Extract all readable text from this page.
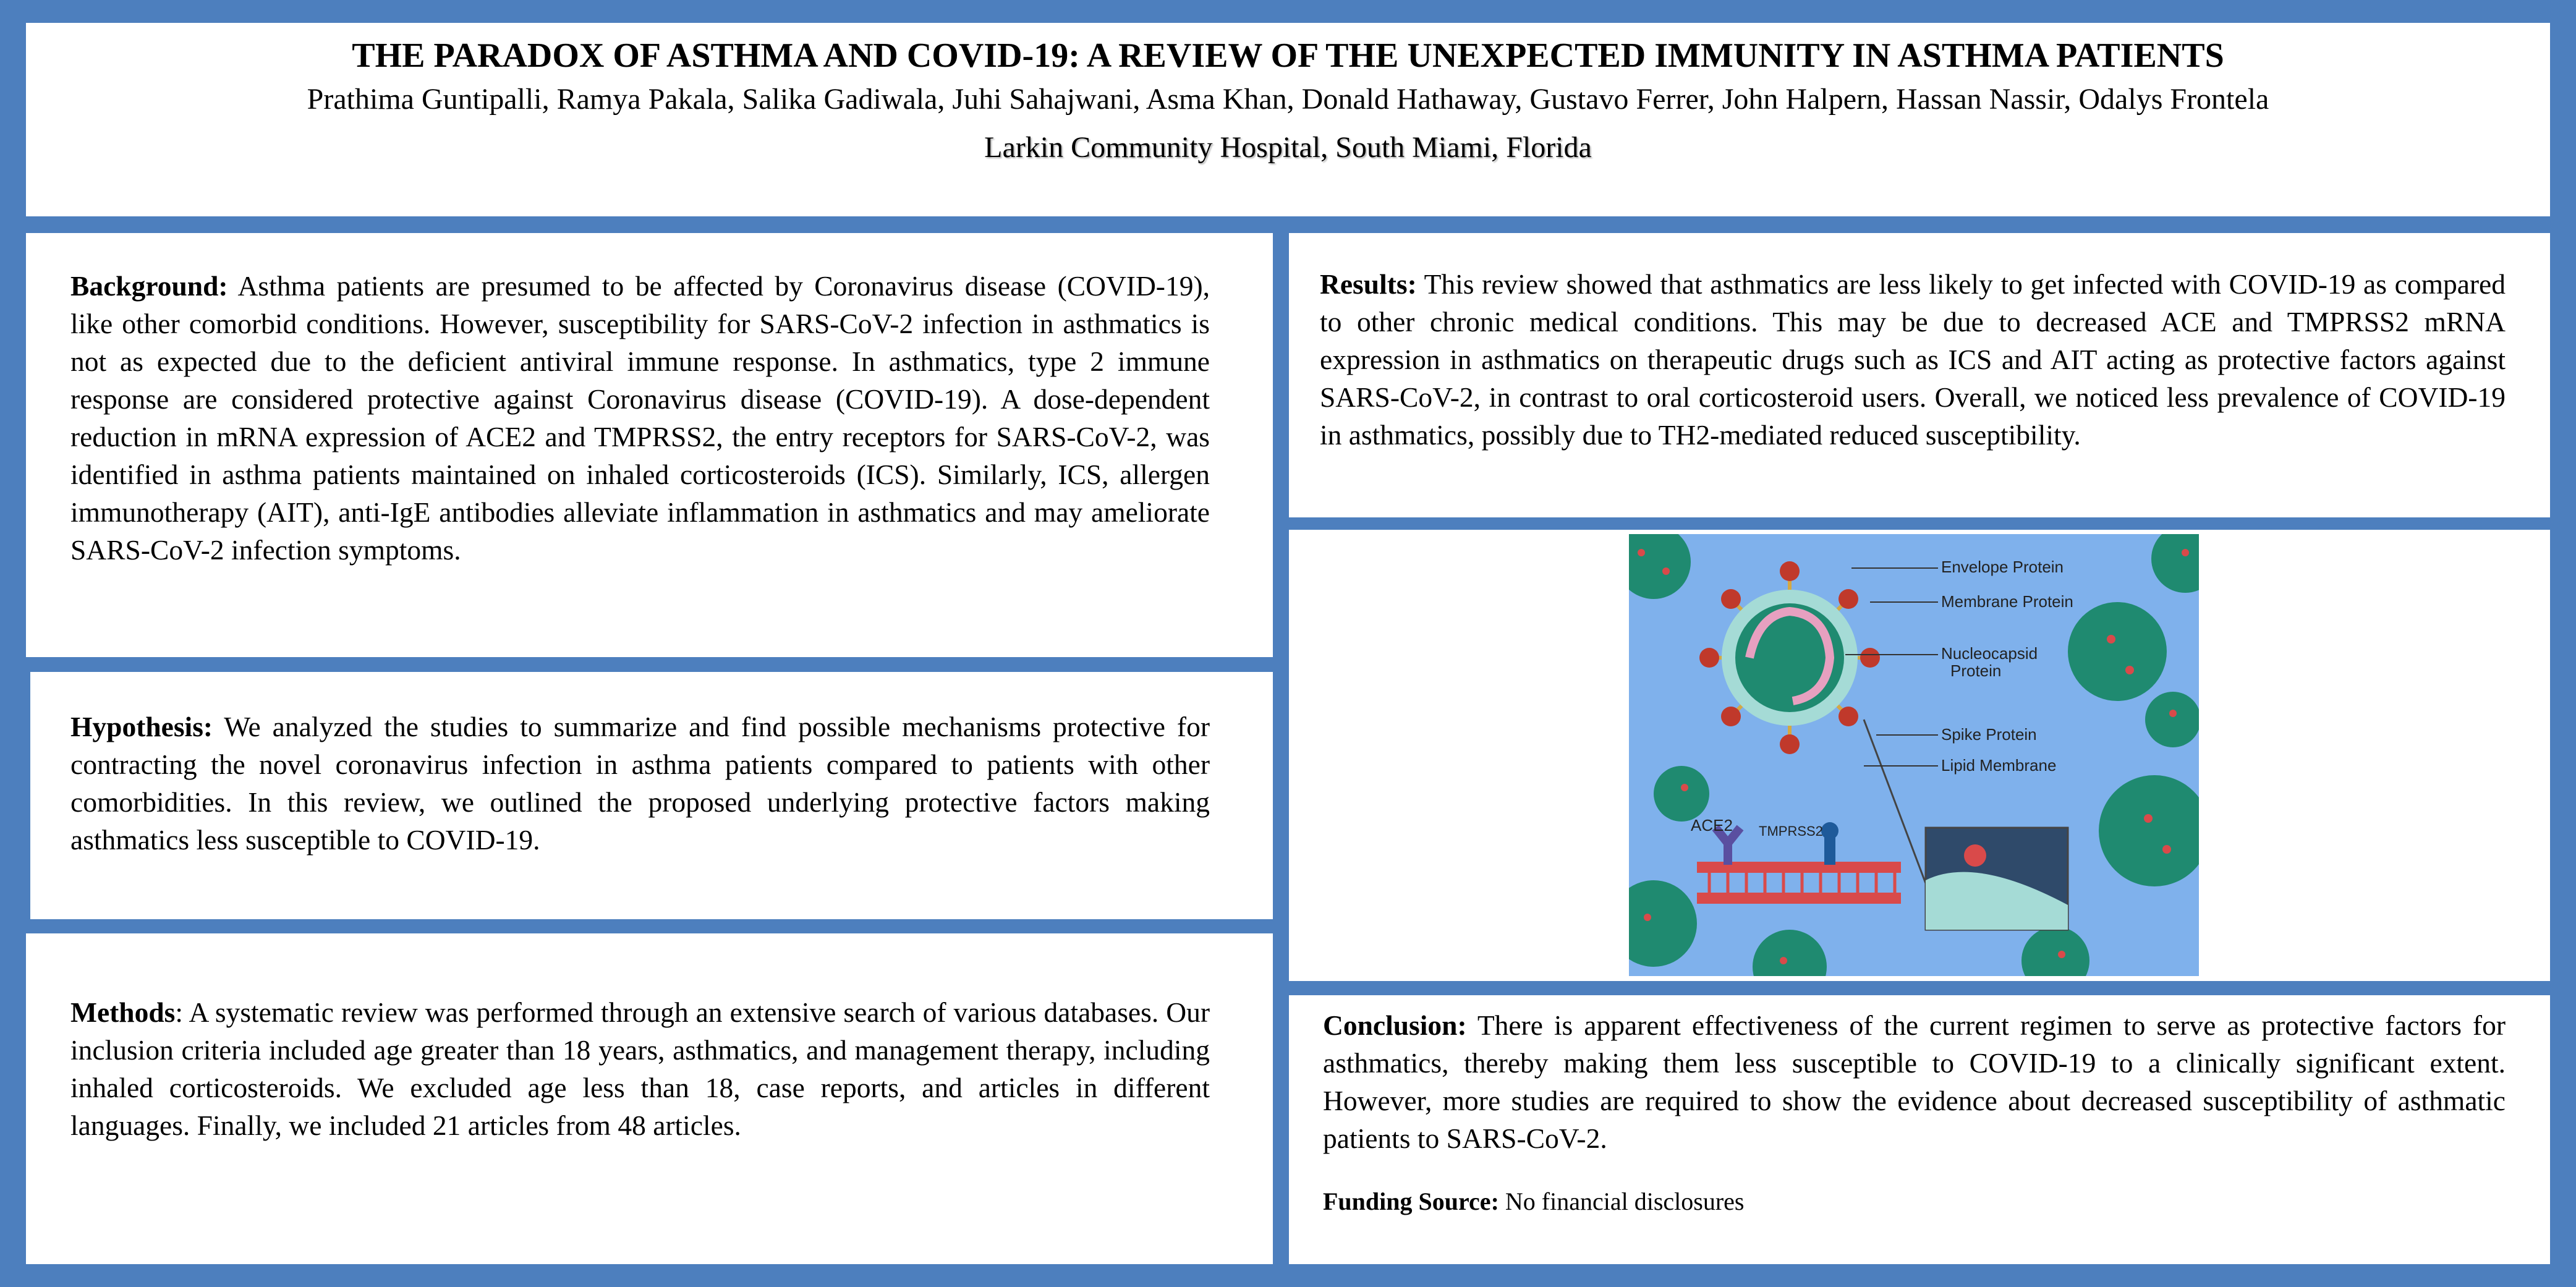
THE PARADOX OF ASTHMA AND COVID-19: A REVIEW OF THE UNEXPECTED IMMUNITY IN ASTHMA PATIENTS
Prathima Guntipalli, Ramya Pakala, Salika Gadiwala, Juhi Sahajwani, Asma Khan, Donald Hathaway, Gustavo Ferrer, John Halpern, Hassan Nassir, Odalys Frontela
Larkin Community Hospital, South Miami, Florida

Background: Asthma patients are presumed to be affected by Coronavirus disease (COVID-19), like other comorbid conditions. However, susceptibility for SARS-CoV-2 infection in asthmatics is not as expected due to the deficient antiviral immune response. In asthmatics, type 2 immune response are considered protective against Coronavirus disease (COVID-19). A dose-dependent reduction in mRNA expression of ACE2 and TMPRSS2, the entry receptors for SARS-CoV-2, was identified in asthma patients maintained on inhaled corticosteroids (ICS). Similarly, ICS, allergen immunotherapy (AIT), anti-IgE antibodies alleviate inflammation in asthmatics and may ameliorate SARS-CoV-2 infection symptoms.

Hypothesis: We analyzed the studies to summarize and find possible mechanisms protective for contracting the novel coronavirus infection in asthma patients compared to patients with other comorbidities. In this review, we outlined the proposed underlying protective factors making asthmatics less susceptible to COVID-19.

Methods: A systematic review was performed through an extensive search of various databases. Our inclusion criteria included age greater than 18 years, asthmatics, and management therapy, including inhaled corticosteroids. We excluded age less than 18, case reports, and articles in different languages. Finally, we included 21 articles from 48 articles.

Results: This review showed that asthmatics are less likely to get infected with COVID-19 as compared to other chronic medical conditions. This may be due to decreased ACE and TMPRSS2 mRNA expression in asthmatics on therapeutic drugs such as ICS and AIT acting as protective factors against SARS-CoV-2, in contrast to oral corticosteroid users. Overall, we noticed less prevalence of COVID-19 in asthmatics, possibly due to TH2-mediated reduced susceptibility.

Envelope Protein
Membrane Protein
Nucleocapsid
Protein
Spike Protein
Lipid Membrane
ACE2 TMPRSS2

Conclusion: There is apparent effectiveness of the current regimen to serve as protective factors for asthmatics, thereby making them less susceptible to COVID-19 to a clinically significant extent. However, more studies are required to show the evidence about decreased susceptibility of asthmatic patients to SARS-CoV-2.

Funding Source: No financial disclosures
